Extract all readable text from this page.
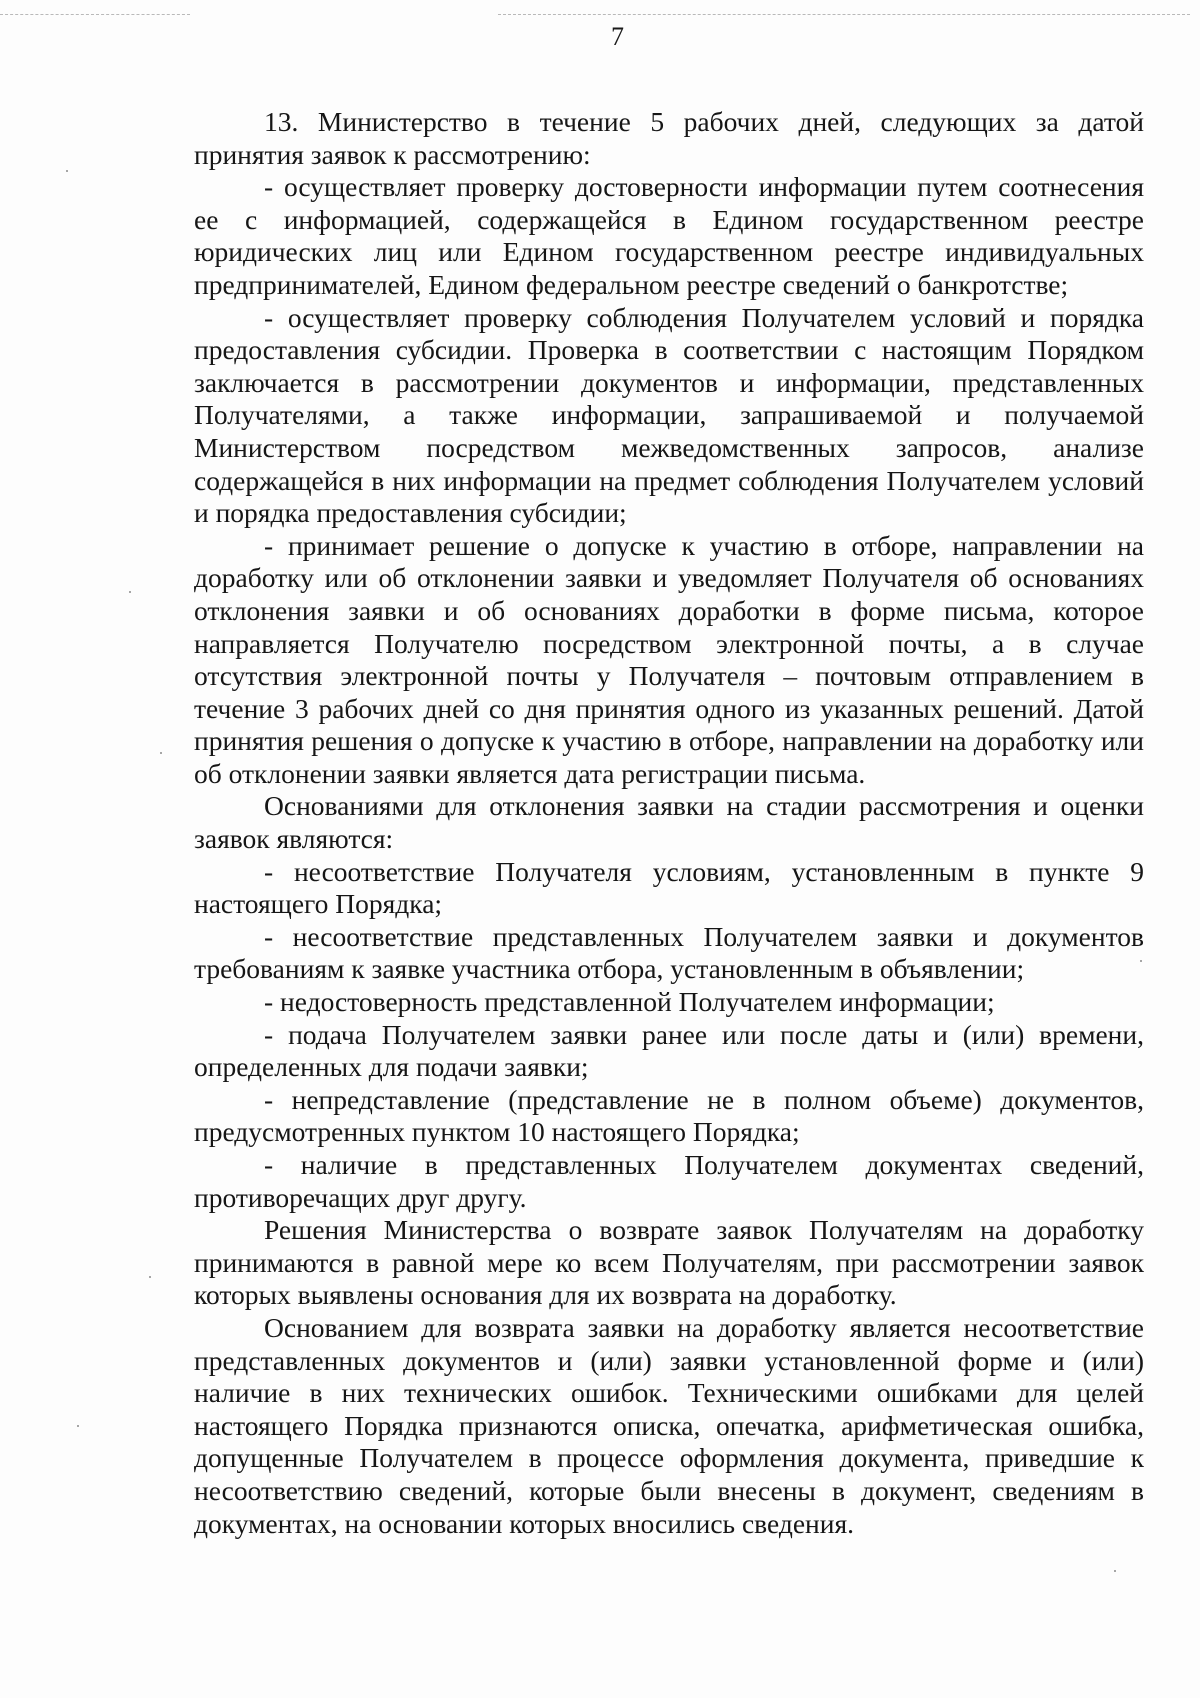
7

13. Министерство в течение 5 рабочих дней, следующих за датой принятия заявок к рассмотрению:

- осуществляет проверку достоверности информации путем соотнесения ее с информацией, содержащейся в Едином государственном реестре юридических лиц или Едином государственном реестре индивидуальных предпринимателей, Едином федеральном реестре сведений о банкротстве;

- осуществляет проверку соблюдения Получателем условий и порядка предоставления субсидии. Проверка в соответствии с настоящим Порядком заключается в рассмотрении документов и информации, представленных Получателями, а также информации, запрашиваемой и получаемой Министерством посредством межведомственных запросов, анализе содержащейся в них информации на предмет соблюдения Получателем условий и порядка предоставления субсидии;

- принимает решение о допуске к участию в отборе, направлении на доработку или об отклонении заявки и уведомляет Получателя об основаниях отклонения заявки и об основаниях доработки в форме письма, которое направляется Получателю посредством электронной почты, а в случае отсутствия электронной почты у Получателя – почтовым отправлением в течение 3 рабочих дней со дня принятия одного из указанных решений. Датой принятия решения о допуске к участию в отборе, направлении на доработку или об отклонении заявки является дата регистрации письма.

Основаниями для отклонения заявки на стадии рассмотрения и оценки заявок являются:

- несоответствие Получателя условиям, установленным в пункте 9 настоящего Порядка;

- несоответствие представленных Получателем заявки и документов требованиям к заявке участника отбора, установленным в объявлении;

- недостоверность представленной Получателем информации;

- подача Получателем заявки ранее или после даты и (или) времени, определенных для подачи заявки;

- непредставление (представление не в полном объеме) документов, предусмотренных пунктом 10 настоящего Порядка;

- наличие в представленных Получателем документах сведений, противоречащих друг другу.

Решения Министерства о возврате заявок Получателям на доработку принимаются в равной мере ко всем Получателям, при рассмотрении заявок которых выявлены основания для их возврата на доработку.

Основанием для возврата заявки на доработку является несоответствие представленных документов и (или) заявки установленной форме и (или) наличие в них технических ошибок. Техническими ошибками для целей настоящего Порядка признаются описка, опечатка, арифметическая ошибка, допущенные Получателем в процессе оформления документа, приведшие к несоответствию сведений, которые были внесены в документ, сведениям в документах, на основании которых вносились сведения.
